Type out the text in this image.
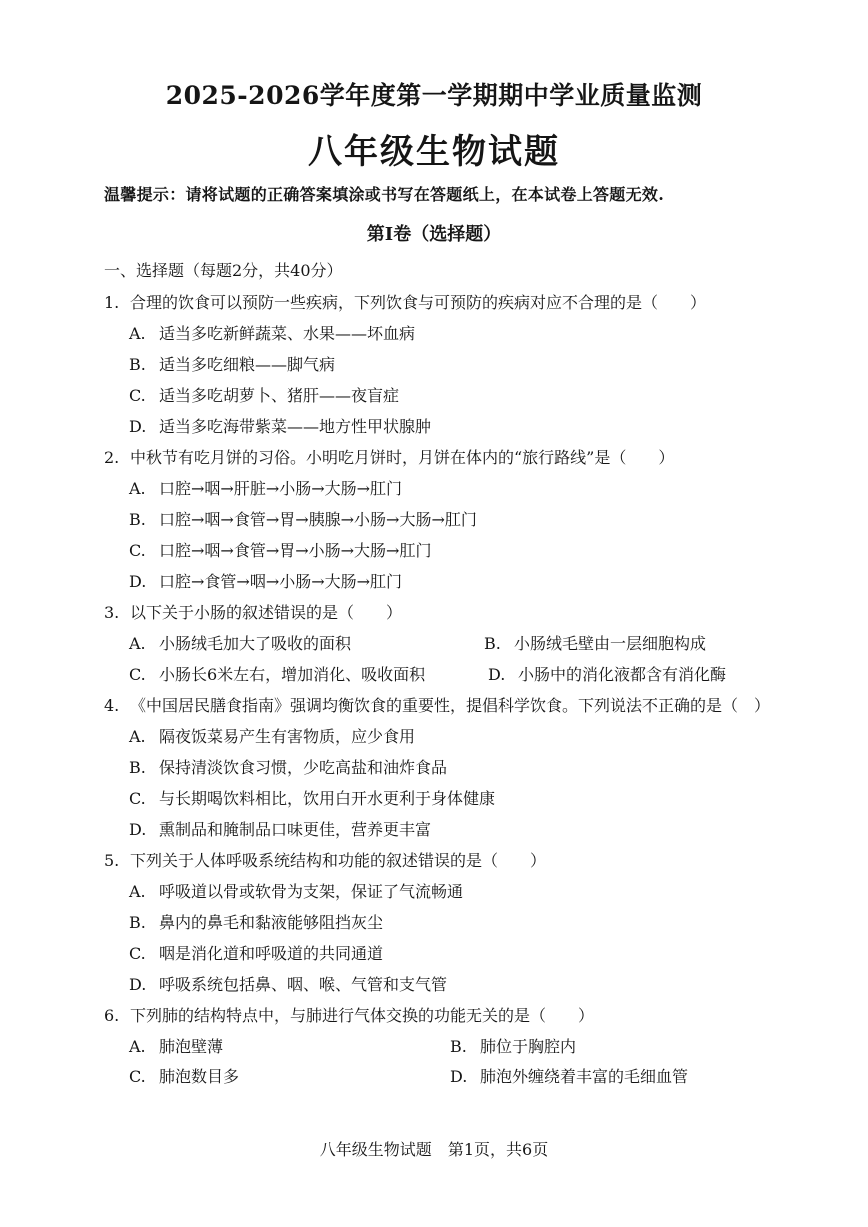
2025-2026学年度第一学期期中学业质量监测
八年级生物试题
温馨提示：请将试题的正确答案填涂或书写在答题纸上，在本试卷上答题无效.
第I卷（选择题）
一、选择题（每题2分，共40分）
1. 合理的饮食可以预防一些疾病，下列饮食与可预防的疾病对应不合理的是（　　）
A. 适当多吃新鲜蔬菜、水果——坏血病
B. 适当多吃细粮——脚气病
C. 适当多吃胡萝卜、猪肝——夜盲症
D. 适当多吃海带紫菜——地方性甲状腺肿
2. 中秋节有吃月饼的习俗。小明吃月饼时，月饼在体内的“旅行路线”是（　　）
A. 口腔→咽→肝脏→小肠→大肠→肛门
B. 口腔→咽→食管→胃→胰腺→小肠→大肠→肛门
C. 口腔→咽→食管→胃→小肠→大肠→肛门
D. 口腔→食管→咽→小肠→大肠→肛门
3. 以下关于小肠的叙述错误的是（　　）
A. 小肠绒毛加大了吸收的面积	B. 小肠绒毛壁由一层细胞构成
C. 小肠长6米左右，增加消化、吸收面积	D. 小肠中的消化液都含有消化酶
4. 《中国居民膳食指南》强调均衡饮食的重要性，提倡科学饮食。下列说法不正确的是（　）
A. 隔夜饭菜易产生有害物质，应少食用
B. 保持清淡饮食习惯，少吃高盐和油炸食品
C. 与长期喝饮料相比，饮用白开水更利于身体健康
D. 熏制品和腌制品口味更佳，营养更丰富
5. 下列关于人体呼吸系统结构和功能的叙述错误的是（　　）
A. 呼吸道以骨或软骨为支架，保证了气流畅通
B. 鼻内的鼻毛和黏液能够阻挡灰尘
C. 咽是消化道和呼吸道的共同通道
D. 呼吸系统包括鼻、咽、喉、气管和支气管
6. 下列肺的结构特点中，与肺进行气体交换的功能无关的是（　　）
A. 肺泡壁薄	B. 肺位于胸腔内
C. 肺泡数目多	D. 肺泡外缠绕着丰富的毛细血管
八年级生物试题　 第1页，共6页
